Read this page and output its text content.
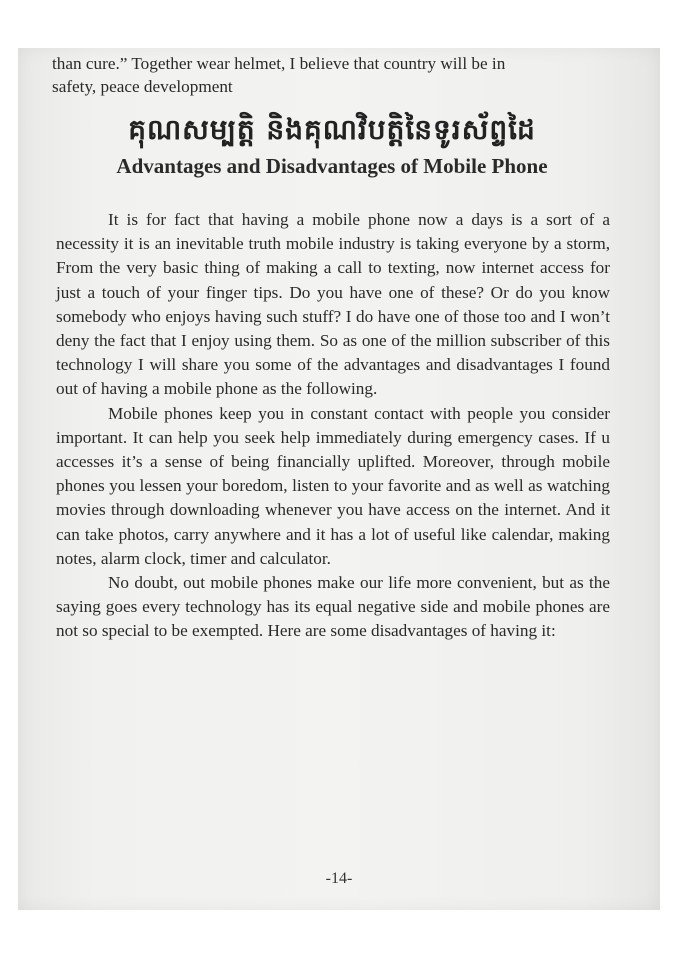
than cure.” Together wear helmet, I believe that country will be in

safety, peace development

គុណសម្បត្តិ និងគុណវិបត្តិនៃទូរស័ព្ទដៃ
Advantages and Disadvantages of Mobile Phone

It is for fact that having a mobile phone now a days is a sort of a necessity it is an inevitable truth mobile industry is taking everyone by a storm, From the very basic thing of making a call to texting, now internet access for just a touch of your finger tips. Do you have one of these? Or do you know somebody who enjoys having such stuff? I do have one of those too and I won’t deny the fact that I enjoy using them. So as one of the million subscriber of this technology I will share you some of the advantages and disadvantages I found out of having a mobile phone as the following.

Mobile phones keep you in constant contact with people you consider important. It can help you seek help immediately during emergency cases. If u accesses it’s a sense of being financially uplifted. Moreover, through mobile phones you lessen your boredom, listen to your favorite and as well as watching movies through downloading whenever you have access on the internet. And it can take photos, carry anywhere and it has a lot of useful like calendar, making notes, alarm clock, timer and calculator.

No doubt, out mobile phones make our life more convenient, but as the saying goes every technology has its equal negative side and mobile phones are not so special to be exempted. Here are some disadvantages of having it:

-14-
